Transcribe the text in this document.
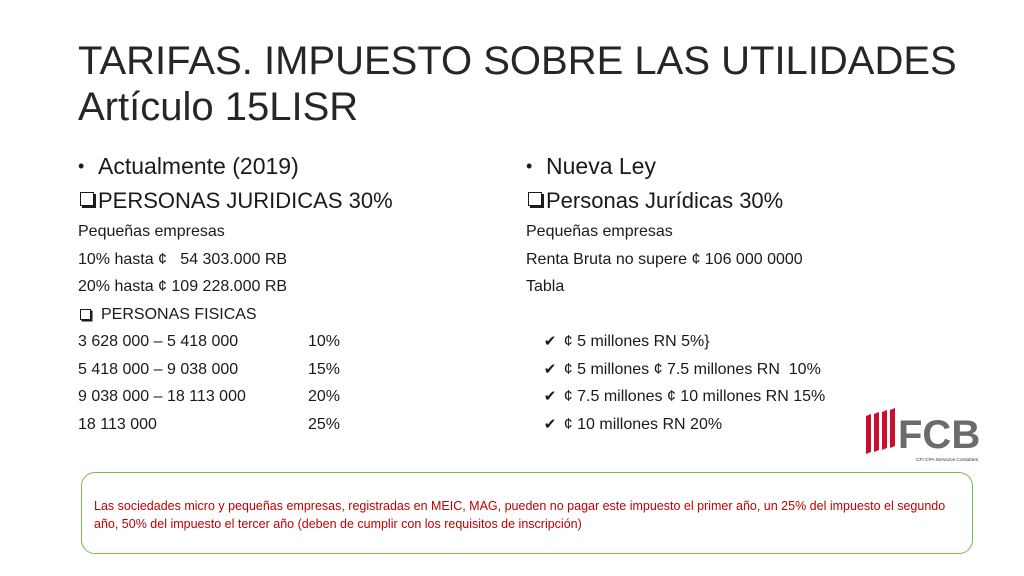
TARIFAS. IMPUESTO SOBRE LAS UTILIDADES
Artículo 15LISR
• Actualmente (2019)
PERSONAS JURIDICAS 30%
Pequeñas empresas
10% hasta ¢   54 303.000 RB
20% hasta ¢ 109 228.000 RB
PERSONAS FISICAS
3 628 000 – 5 418 000	10%
5 418 000 – 9 038 000	15%
9 038 000 – 18 113 000	20%
18 113 000	25%
• Nueva Ley
Personas Jurídicas 30%
Pequeñas empresas
Renta Bruta no supere ¢ 106 000 0000
Tabla

✔ ¢ 5 millones RN 5%}

✔ ¢ 5 millones ¢ 7.5 millones RN  10%

✔ ¢ 7.5 millones ¢ 10 millones RN 15%

✔ ¢ 10 millones RN 20%
	FCB
CFI CPA Servicios Contables
Las sociedades micro y pequeñas empresas, registradas en MEIC, MAG, pueden no pagar este impuesto el primer año, un 25% del impuesto el segundo año, 50% del impuesto el tercer año (deben de cumplir con los requisitos de inscripción)
